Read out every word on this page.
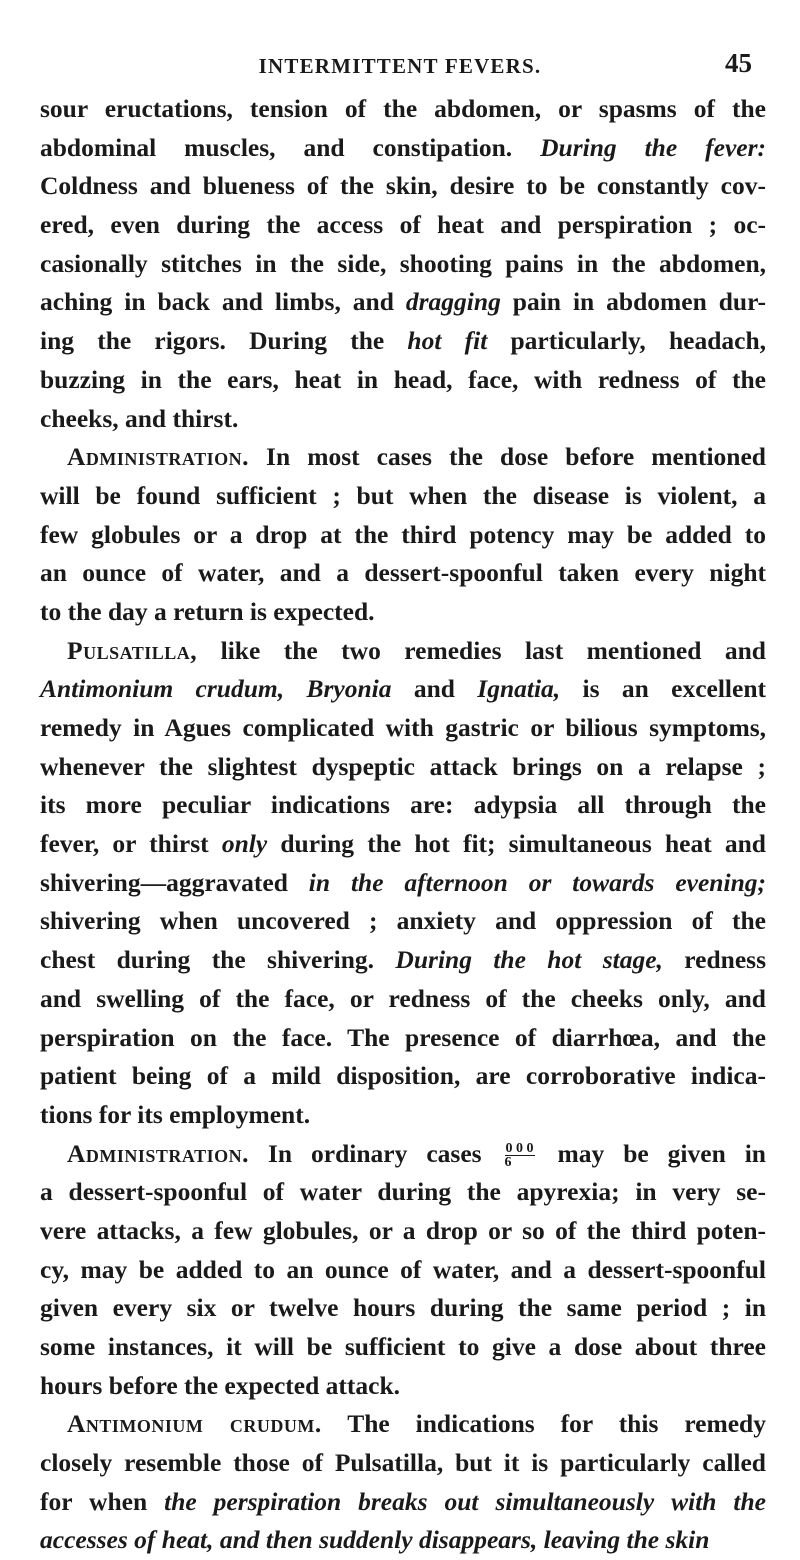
INTERMITTENT FEVERS.	45
sour eructations, tension of the abdomen, or spasms of the
abdominal muscles, and constipation. During the fever:
Coldness and blueness of the skin, desire to be constantly cov-
ered, even during the access of heat and perspiration ; oc-
casionally stitches in the side, shooting pains in the abdomen,
aching in back and limbs, and dragging pain in abdomen dur-
ing the rigors. During the hot fit particularly, headach,
buzzing in the ears, heat in head, face, with redness of the
cheeks, and thirst.
Administration. In most cases the dose before mentioned
will be found sufficient ; but when the disease is violent, a
few globules or a drop at the third potency may be added to
an ounce of water, and a dessert-spoonful taken every night
to the day a return is expected.
Pulsatilla, like the two remedies last mentioned and
Antimonium crudum, Bryonia and Ignatia, is an excellent
remedy in Agues complicated with gastric or bilious symptoms,
whenever the slightest dyspeptic attack brings on a relapse ;
its more peculiar indications are: adypsia all through the
fever, or thirst only during the hot fit; simultaneous heat and
shivering—aggravated in the afternoon or towards evening;
shivering when uncovered ; anxiety and oppression of the
chest during the shivering. During the hot stage, redness
and swelling of the face, or redness of the cheeks only, and
perspiration on the face. The presence of diarrhœa, and the
patient being of a mild disposition, are corroborative indica-
tions for its employment.
Administration. In ordinary cases $\frac{0 0 0}{6}$ may be given in
a dessert-spoonful of water during the apyrexia; in very se-
vere attacks, a few globules, or a drop or so of the third poten-
cy, may be added to an ounce of water, and a dessert-spoonful
given every six or twelve hours during the same period ; in
some instances, it will be sufficient to give a dose about three
hours before the expected attack.
Antimonium crudum. The indications for this remedy
closely resemble those of Pulsatilla, but it is particularly called
for when the perspiration breaks out simultaneously with the
accesses of heat, and then suddenly disappears, leaving the skin
